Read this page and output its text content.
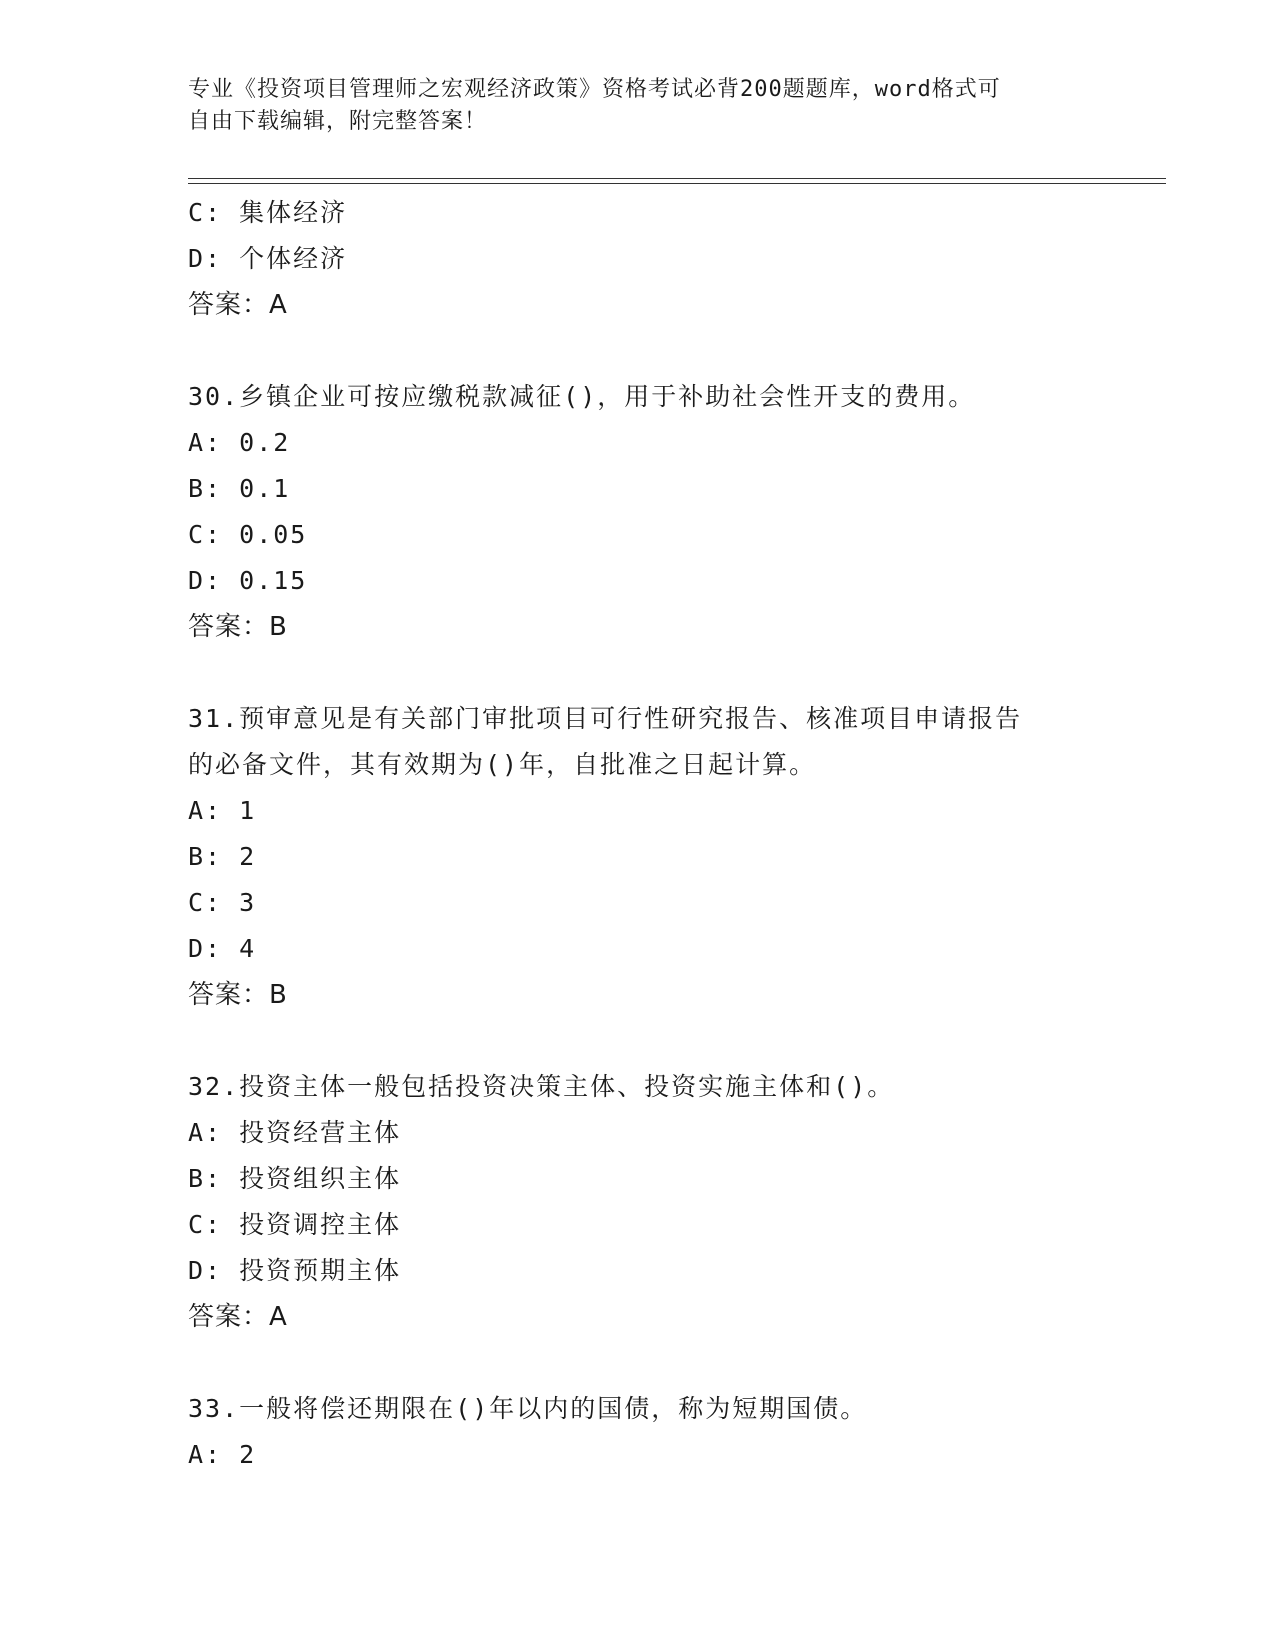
专业《投资项目管理师之宏观经济政策》资格考试必背200题题库，word格式可
自由下载编辑，附完整答案！
C: 集体经济
D: 个体经济
答案：A
30.乡镇企业可按应缴税款减征()，用于补助社会性开支的费用。
A: 0.2
B: 0.1
C: 0.05
D: 0.15
答案：B
31.预审意见是有关部门审批项目可行性研究报告、核准项目申请报告
的必备文件，其有效期为()年，自批准之日起计算。
A: 1
B: 2
C: 3
D: 4
答案：B
32.投资主体一般包括投资决策主体、投资实施主体和()。
A: 投资经营主体
B: 投资组织主体
C: 投资调控主体
D: 投资预期主体
答案：A
33.一般将偿还期限在()年以内的国债，称为短期国债。
A: 2
